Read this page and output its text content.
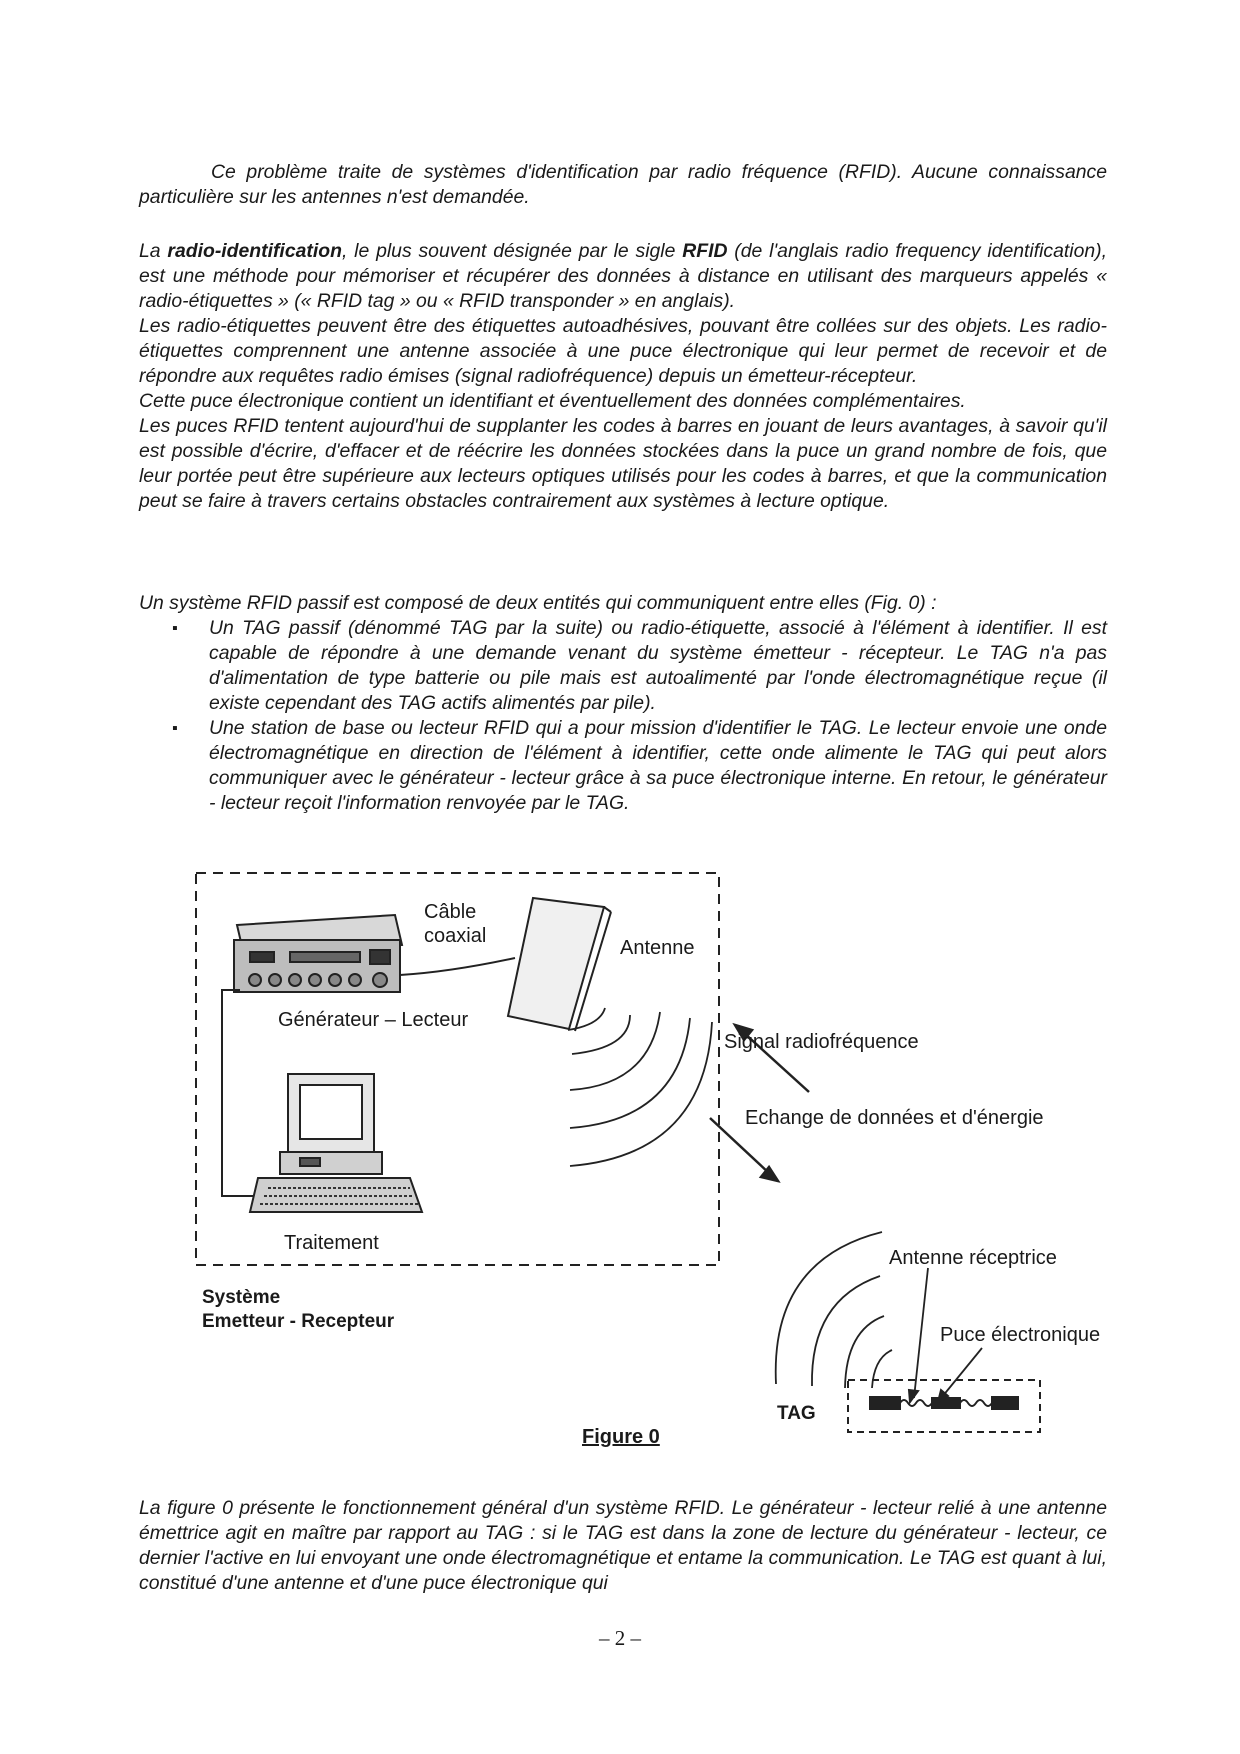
Ce problème traite de systèmes d'identification par radio fréquence (RFID). Aucune connaissance particulière sur les antennes n'est demandée.

La radio-identification, le plus souvent désignée par le sigle RFID (de l'anglais radio frequency identification), est une méthode pour mémoriser et récupérer des données à distance en utilisant des marqueurs appelés « radio-étiquettes » (« RFID tag » ou « RFID transponder » en anglais).

Les radio-étiquettes peuvent être des étiquettes autoadhésives, pouvant être collées sur des objets. Les radio-étiquettes comprennent une antenne associée à une puce électronique qui leur permet de recevoir et de répondre aux requêtes radio émises (signal radiofréquence) depuis un émetteur-récepteur.

Cette puce électronique contient un identifiant et éventuellement des données complémentaires.

Les puces RFID tentent aujourd'hui de supplanter les codes à barres en jouant de leurs avantages, à savoir qu'il est possible d'écrire, d'effacer et de réécrire les données stockées dans la puce un grand nombre de fois, que leur portée peut être supérieure aux lecteurs optiques utilisés pour les codes à barres, et que la communication peut se faire à travers certains obstacles contrairement aux systèmes à lecture optique.

Un système RFID passif est composé de deux entités qui communiquent entre elles (Fig. 0) :

▪ Un TAG passif (dénommé TAG par la suite) ou radio-étiquette, associé à l'élément à identifier. Il est capable de répondre à une demande venant du système émetteur - récepteur. Le TAG n'a pas d'alimentation de type batterie ou pile mais est autoalimenté par l'onde électromagnétique reçue (il existe cependant des TAG actifs alimentés par pile).
▪ Une station de base ou lecteur RFID qui a pour mission d'identifier le TAG. Le lecteur envoie une onde électromagnétique en direction de l'élément à identifier, cette onde alimente le TAG qui peut alors communiquer avec le générateur - lecteur grâce à sa puce électronique interne. En retour, le générateur - lecteur reçoit l'information renvoyée par le TAG.
Câble
coaxial
Antenne
Générateur – Lecteur
Signal radiofréquence
Echange de données et d'énergie
Traitement
Système
Emetteur - Recepteur
Antenne réceptrice
Puce électronique
TAG
Figure 0

La figure 0 présente le fonctionnement général d'un système RFID. Le générateur - lecteur relié à une antenne émettrice agit en maître par rapport au TAG : si le TAG est dans la zone de lecture du générateur - lecteur, ce dernier l'active en lui envoyant une onde électromagnétique et entame la communication. Le TAG est quant à lui, constitué d'une antenne et d'une puce électronique qui

– 2 –
